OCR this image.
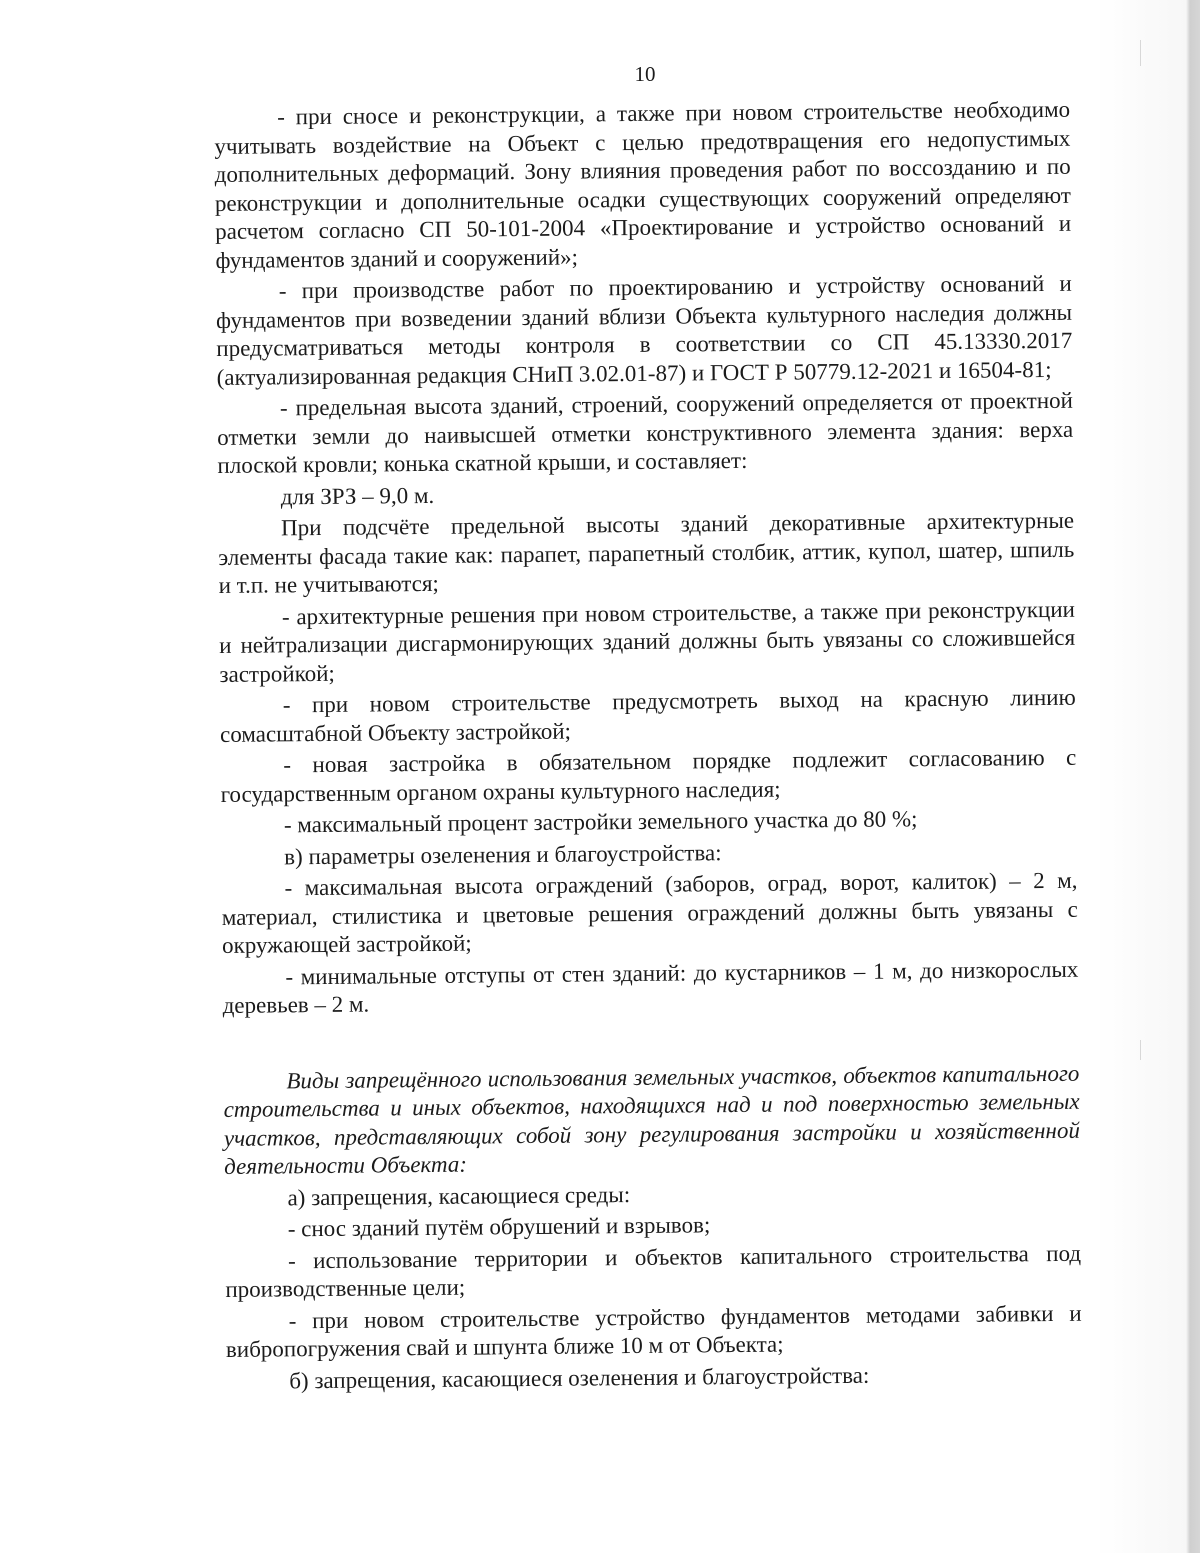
10

- при сносе и реконструкции, а также при новом строительстве необходимо учитывать воздействие на Объект с целью предотвращения его недопустимых дополнительных деформаций. Зону влияния проведения работ по воссозданию и по реконструкции и дополнительные осадки существующих сооружений определяют расчетом согласно СП 50-101-2004 «Проектирование и устройство оснований и фундаментов зданий и сооружений»;

- при производстве работ по проектированию и устройству оснований и фундаментов при возведении зданий вблизи Объекта культурного наследия должны предусматриваться методы контроля в соответствии со СП 45.13330.2017 (актуализированная редакция СНиП 3.02.01-87) и ГОСТ Р 50779.12-2021 и 16504-81;

- предельная высота зданий, строений, сооружений определяется от проектной отметки земли до наивысшей отметки конструктивного элемента здания: верха плоской кровли; конька скатной крыши, и составляет:

для ЗРЗ – 9,0 м.

При подсчёте предельной высоты зданий декоративные архитектурные элементы фасада такие как: парапет, парапетный столбик, аттик, купол, шатер, шпиль и т.п. не учитываются;

- архитектурные решения при новом строительстве, а также при реконструкции и нейтрализации дисгармонирующих зданий должны быть увязаны со сложившейся застройкой;

- при новом строительстве предусмотреть выход на красную линию сомасштабной Объекту застройкой;

- новая застройка в обязательном порядке подлежит согласованию с государственным органом охраны культурного наследия;

- максимальный процент застройки земельного участка до 80 %;

в) параметры озеленения и благоустройства:

- максимальная высота ограждений (заборов, оград, ворот, калиток) – 2 м, материал, стилистика и цветовые решения ограждений должны быть увязаны с окружающей застройкой;

- минимальные отступы от стен зданий: до кустарников – 1 м, до низкорослых деревьев – 2 м.

Виды запрещённого использования земельных участков, объектов капитального строительства и иных объектов, находящихся над и под поверхностью земельных участков, представляющих собой зону регулирования застройки и хозяйственной деятельности Объекта:

а) запрещения, касающиеся среды:

- снос зданий путём обрушений и взрывов;

- использование территории и объектов капитального строительства под производственные цели;

- при новом строительстве устройство фундаментов методами забивки и вибропогружения свай и шпунта ближе 10 м от Объекта;

б) запрещения, касающиеся озеленения и благоустройства:
